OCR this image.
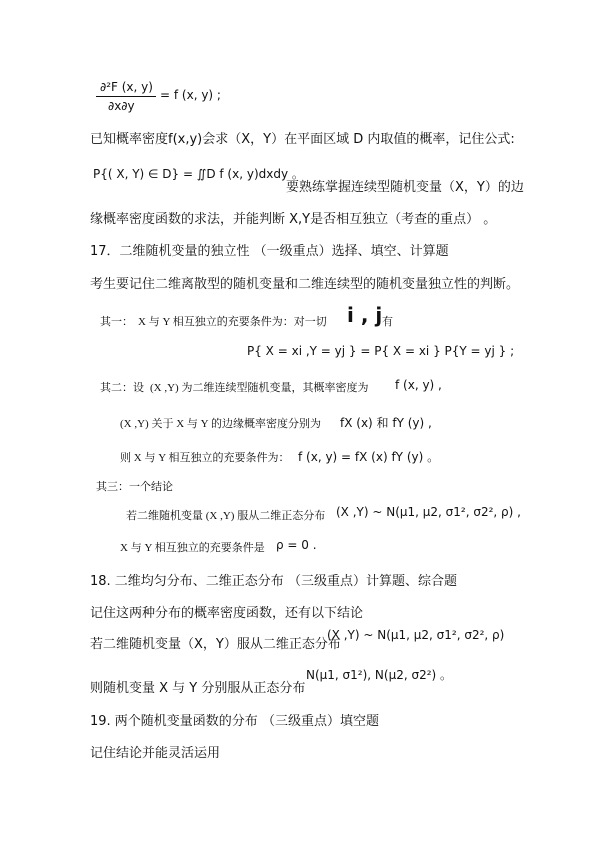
∂²F (x, y)
∂x∂y
= f (x, y) ;
已知概率密度f(x,y)会求（X，Y）在平面区域 D 内取值的概率，记住公式:
P{( X, Y) ∈ D} = ∬D f (x, y)dxdy 。
要熟练掌握连续型随机变量（X，Y）的边
缘概率密度函数的求法，并能判断 X,Y是否相互独立（考查的重点） 。
17．二维随机变量的独立性 （一级重点）选择、填空、计算题
考生要记住二维离散型的随机变量和二维连续型的随机变量独立性的判断。
其一： X 与 Y 相互独立的充要条件为：对一切 i , j 有
P{ X = xi ,Y = yj } = P{ X = xi } P{Y = yj } ;
其二：设 (X ,Y) 为二维连续型随机变量，其概率密度为 f (x, y) ,
(X ,Y) 关于 X 与 Y 的边缘概率密度分别为 fX (x) 和 fY (y) ,
则 X 与 Y 相互独立的充要条件为： f (x, y) = fX (x) fY (y) 。
其三：一个结论
若二维随机变量 (X ,Y) 服从二维正态分布 (X ,Y) ~ N(μ1, μ2, σ1², σ2², ρ) ,
X 与 Y 相互独立的充要条件是 ρ = 0 .
18. 二维均匀分布、二维正态分布 （三级重点）计算题、综合题
记住这两种分布的概率密度函数，还有以下结论
若二维随机变量（X，Y）服从二维正态分布
(X ,Y) ~ N(μ1, μ2, σ1², σ2², ρ)
则随机变量 X 与 Y 分别服从正态分布
N(μ1, σ1²), N(μ2, σ2²) 。
19. 两个随机变量函数的分布 （三级重点）填空题
记住结论并能灵活运用
